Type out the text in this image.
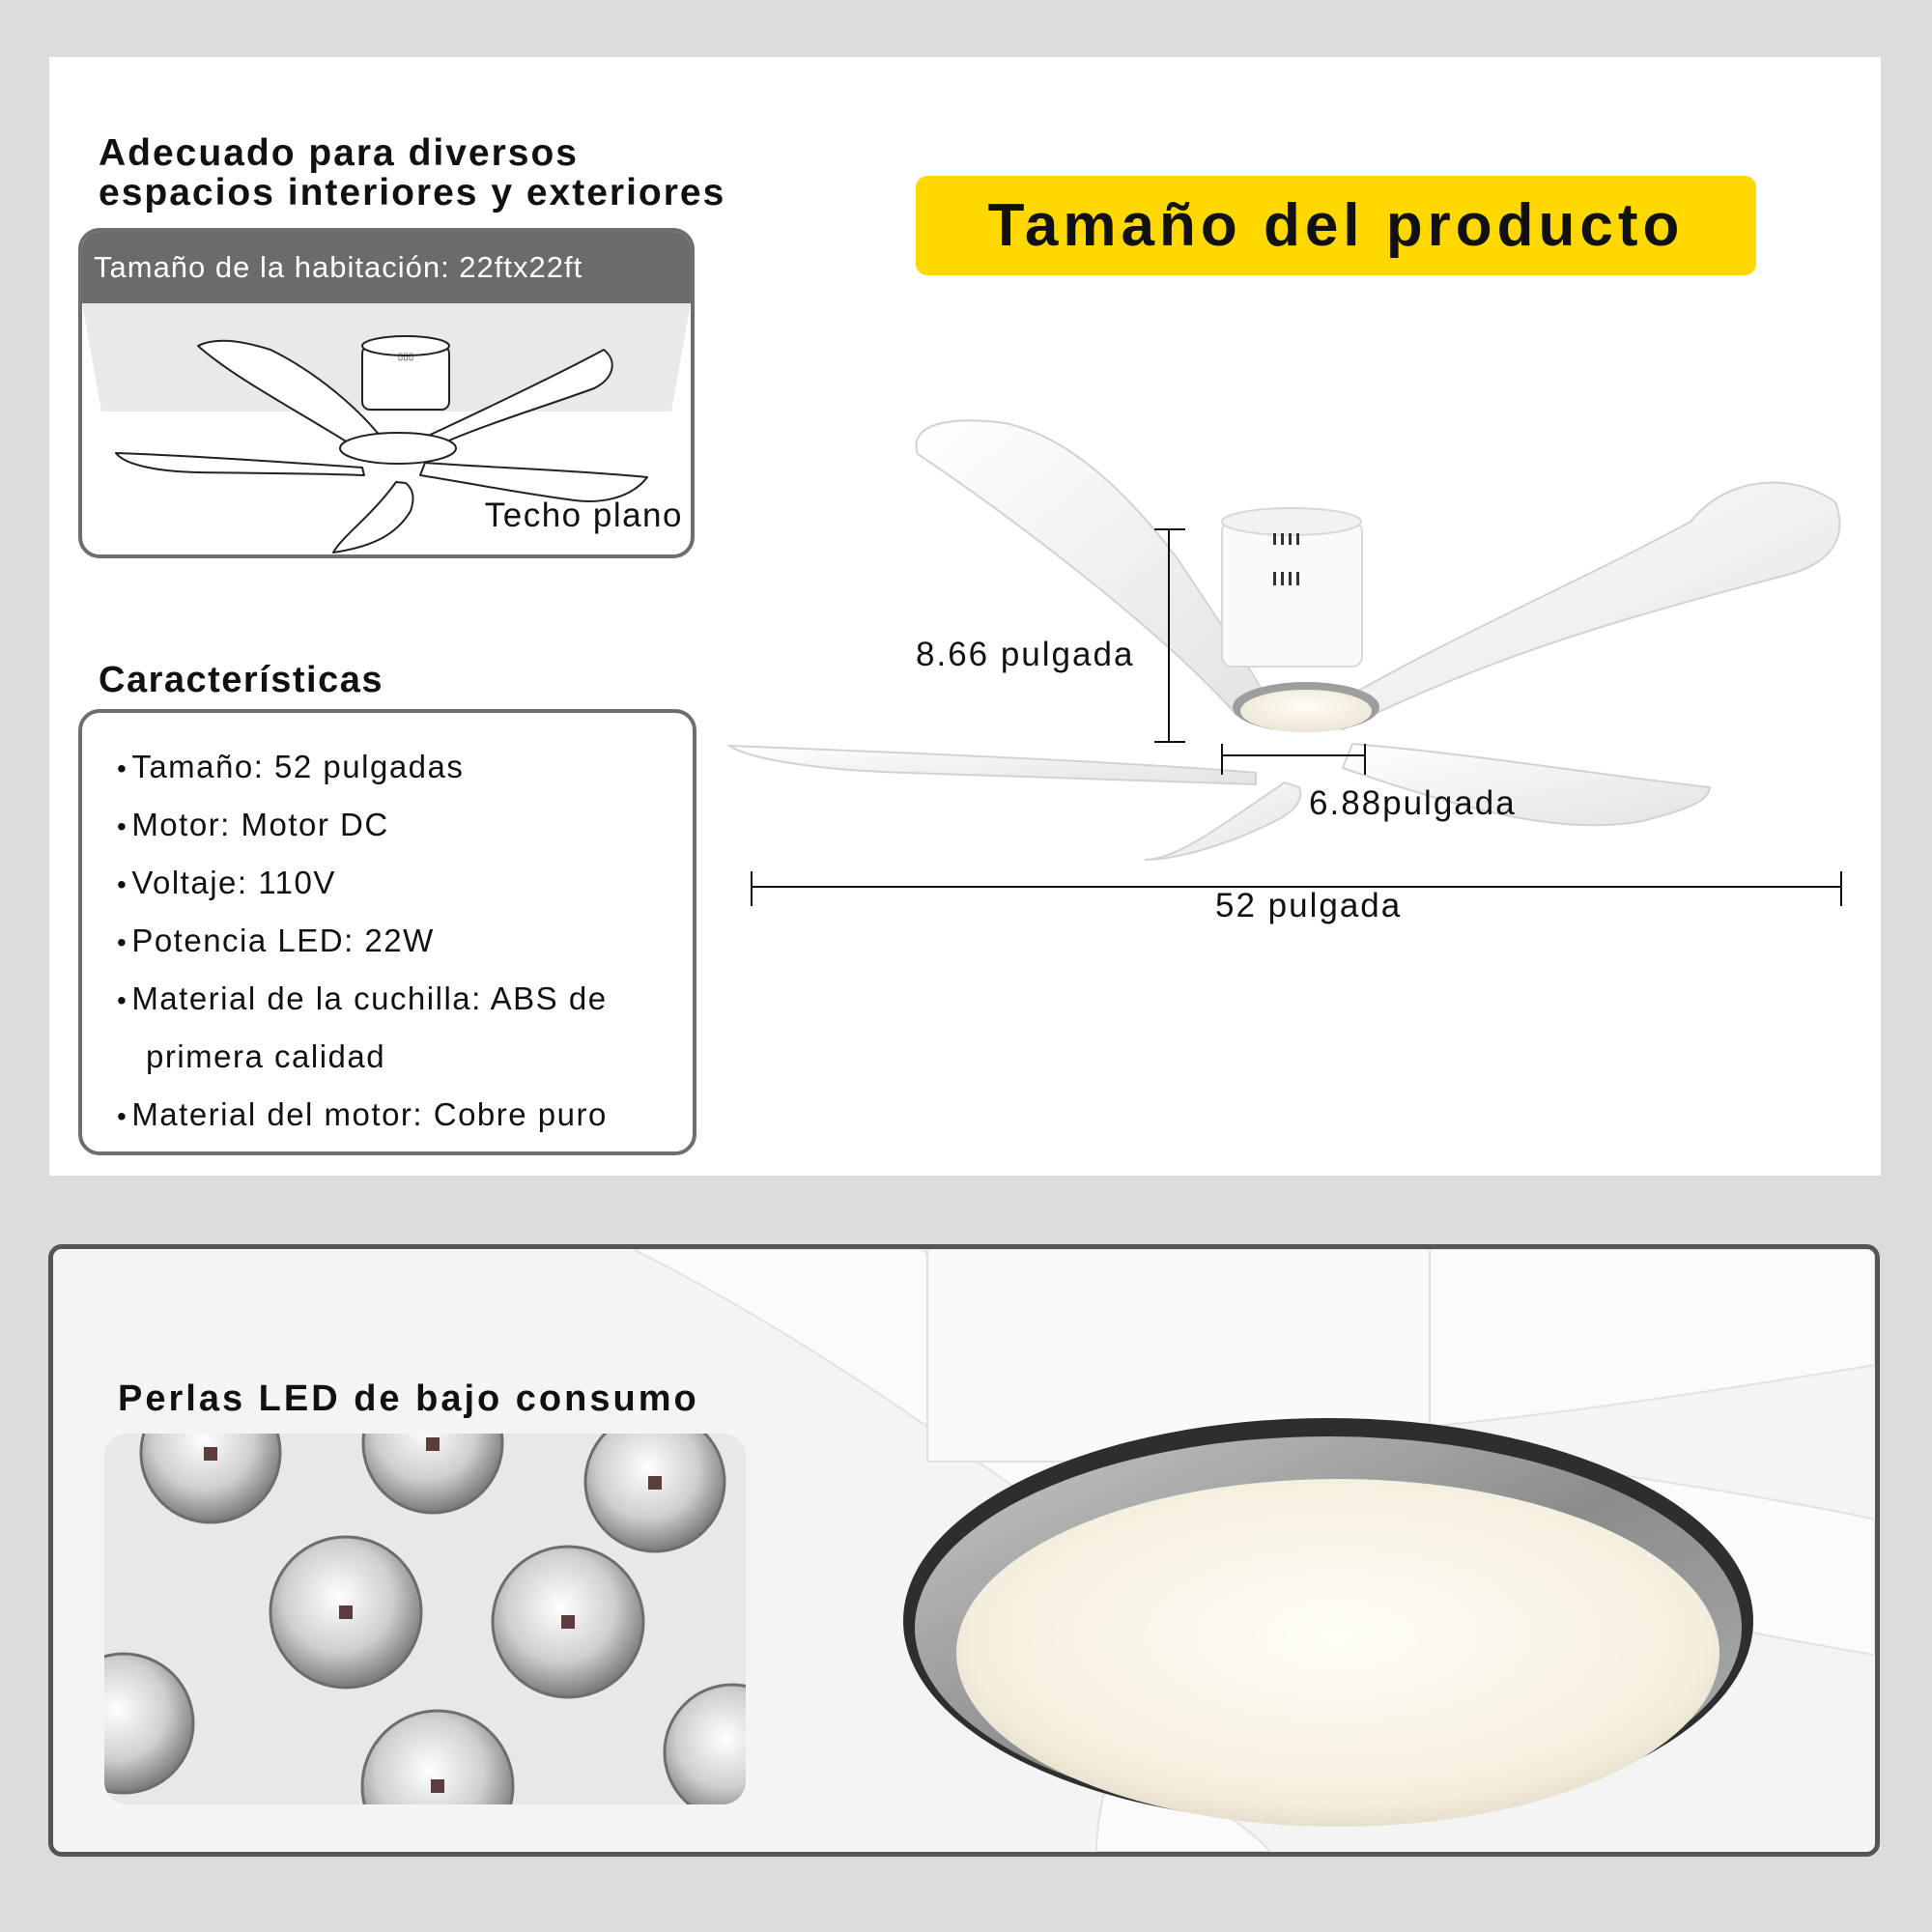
Adecuado para diversos
espacios interiores y exteriores
Tamaño de la habitación: 22ftx22ft
▯▯▯
Techo plano
Características
• Tamaño: 52 pulgadas
• Motor: Motor DC
• Voltaje: 110V
• Potencia LED: 22W
• Material de la cuchilla: ABS de
primera calidad
• Material del motor: Cobre puro
Tamaño del producto
8.66 pulgada
6.88pulgada
52 pulgada
Perlas LED de bajo consumo
